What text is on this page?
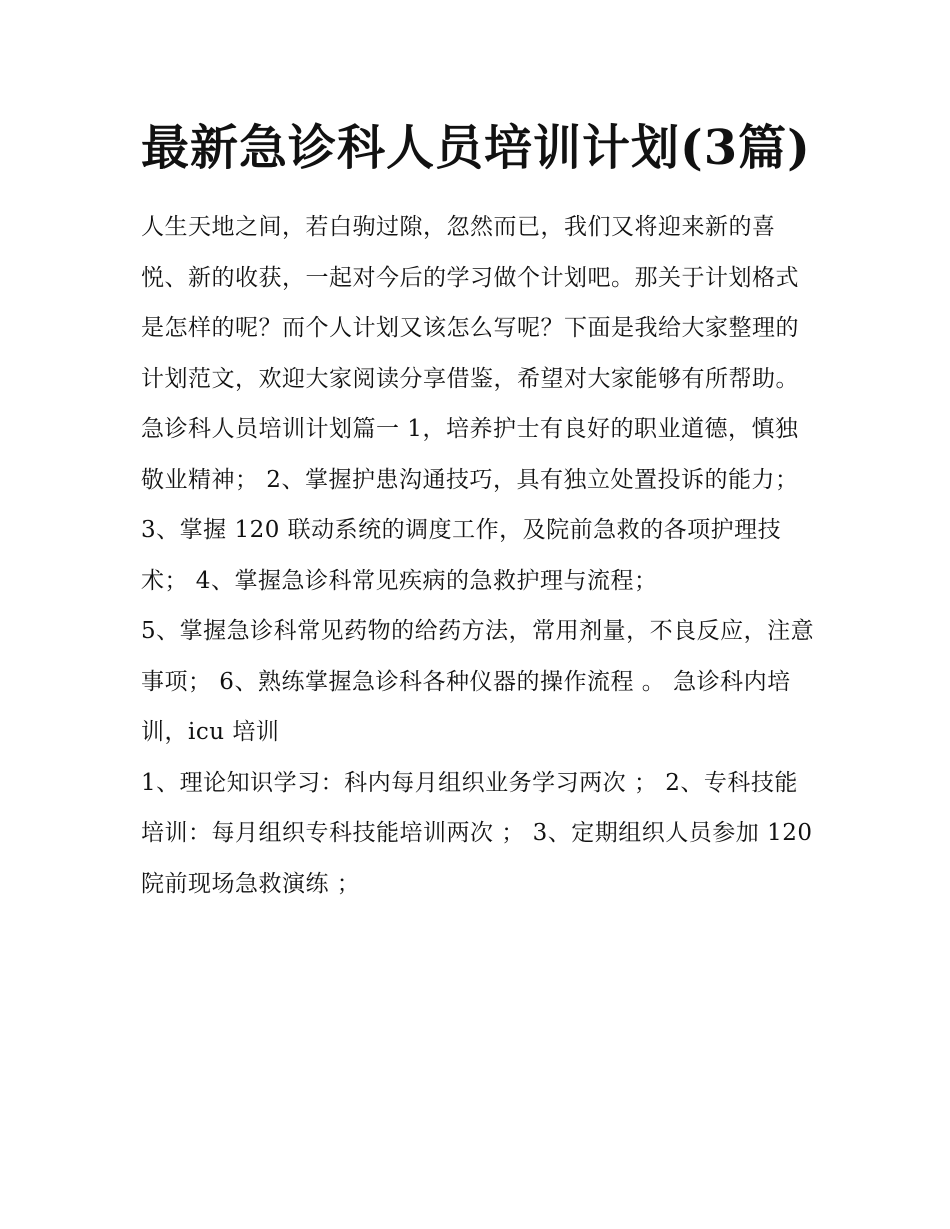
最新急诊科人员培训计划(3篇)

人生天地之间，若白驹过隙，忽然而已，我们又将迎来新的喜悦、新的收获，一起对今后的学习做个计划吧。那关于计划格式是怎样的呢？而个人计划又该怎么写呢？下面是我给大家整理的计划范文，欢迎大家阅读分享借鉴，希望对大家能够有所帮助。

急诊科人员培训计划篇一 1，培养护士有良好的职业道德，慎独敬业精神； 2、掌握护患沟通技巧，具有独立处置投诉的能力；

3、掌握 120 联动系统的调度工作，及院前急救的各项护理技术； 4、掌握急诊科常见疾病的急救护理与流程；

5、掌握急诊科常见药物的给药方法，常用剂量，不良反应，注意事项； 6、熟练掌握急诊科各种仪器的操作流程 。 急诊科内培训，icu 培训

1、理论知识学习：科内每月组织业务学习两次 ； 2、专科技能培训：每月组织专科技能培训两次 ； 3、定期组织人员参加 120 院前现场急救演练 ；
